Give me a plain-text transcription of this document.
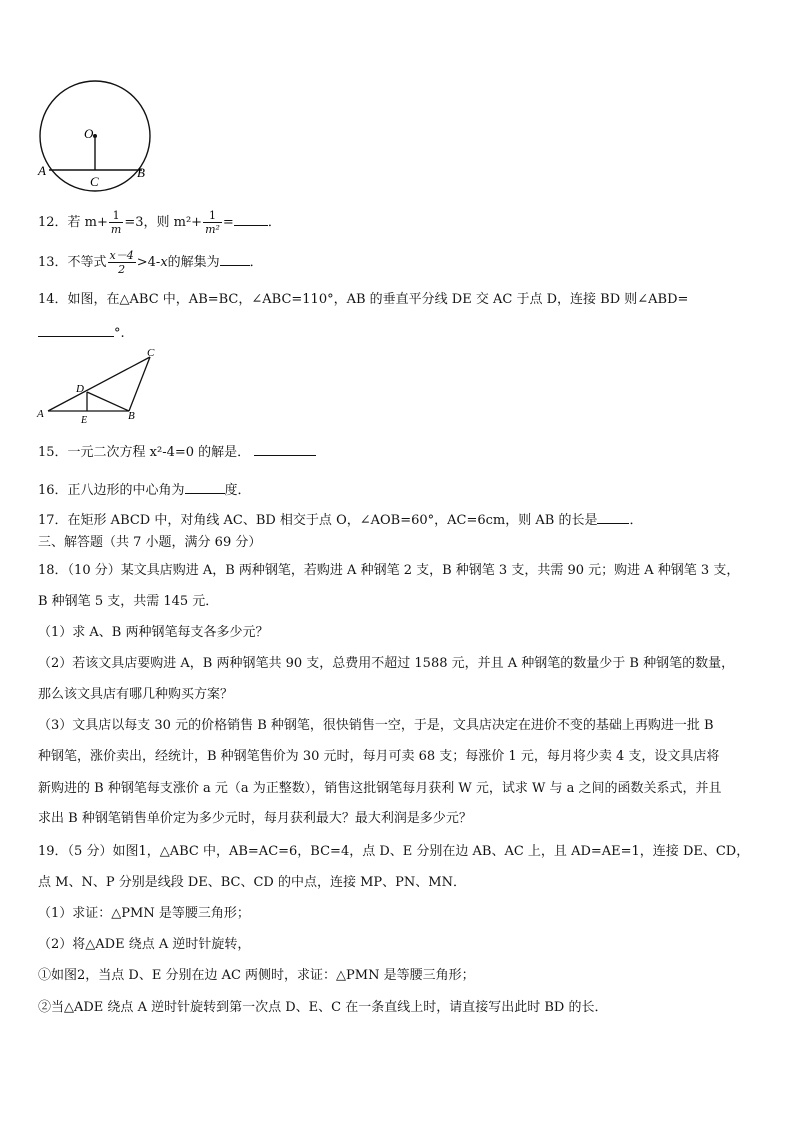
O
A	B
C
12．若 $m+ \frac{1}{m} =3$，则 $m^2+ \frac{1}{\text{m²}}$ =	．
13．不等式 $\frac{x-4}{2} >4-x$的解集为 ．
14．如图，在△ABC 中，AB=BC，∠ABC=110°，AB 的垂直平分线 DE 交 AC 于点 D，连接 BD 则∠ABD=
°.
A	B
C
D
E
15．一元二次方程 x²-4=0 的解是．
16．正八边形的中心角为	度．
17．在矩形 ABCD 中，对角线 AC、BD 相交于点 O，∠AOB=60°，AC=6cm，则 AB 的长是 ．
三、解答题（共 7 小题，满分 69 分）
18．（10 分）某文具店购进 A，B 两种钢笔，若购进 A 种钢笔 2 支，B 种钢笔 3 支，共需 90 元；购进 A 种钢笔 3 支，
B 种钢笔 5 支，共需 145 元．
（1）求 A、B 两种钢笔每支各多少元？
（2）若该文具店要购进 A，B 两种钢笔共 90 支，总费用不超过 1588 元，并且 A 种钢笔的数量少于 B 种钢笔的数量，
那么该文具店有哪几种购买方案？
（3）文具店以每支 30 元的价格销售 B 种钢笔，很快销售一空，于是，文具店决定在进价不变的基础上再购进一批 B
种钢笔，涨价卖出，经统计，B 种钢笔售价为 30 元时，每月可卖 68 支；每涨价 1 元，每月将少卖 4 支，设文具店将
新购进的 B 种钢笔每支涨价 a 元（a 为正整数），销售这批钢笔每月获利 W 元，试求 W 与 a 之间的函数关系式，并且
求出 B 种钢笔销售单价定为多少元时，每月获利最大？最大利润是多少元？
19．（5 分）如图1，△ABC 中，AB=AC=6，BC=4，点 D、E 分别在边 AB、AC 上，且 AD=AE=1，连接 DE、CD，
点 M、N、P 分别是线段 DE、BC、CD 的中点，连接 MP、PN、MN．
（1）求证：△PMN 是等腰三角形；
（2）将△ADE 绕点 A 逆时针旋转，
①如图2，当点 D、E 分别在边 AC 两侧时，求证：△PMN 是等腰三角形；
②当△ADE 绕点 A 逆时针旋转到第一次点 D、E、C 在一条直线上时，请直接写出此时 BD 的长．
